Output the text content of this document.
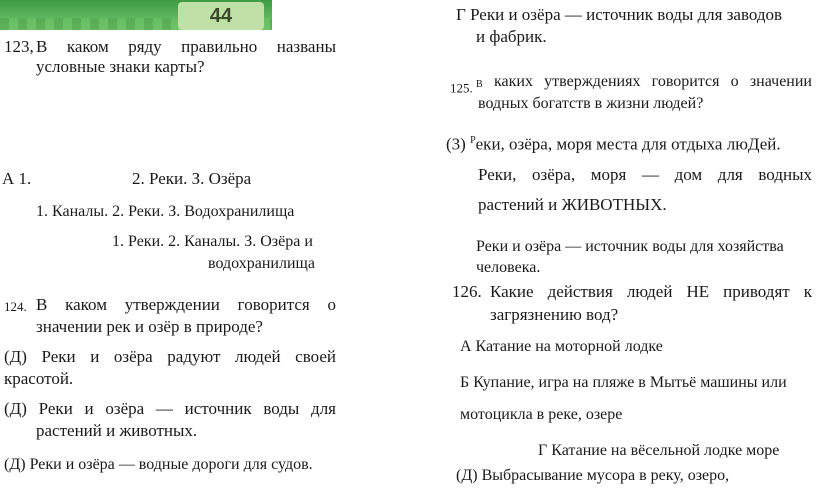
44
123, В каком ряду правильно названы
условные знаки карты?
А 1.	2. Реки. З. Озёра
1. Каналы. 2. Реки. З. Водохранилища
1. Реки. 2. Каналы. З. Озёра и
водохранилища
124. В каком утверждении говорится о
значении рек и озёр в природе?
(Д) Реки и озёра радуют людей своей
красотой.
(Д) Реки и озёра — источник воды для
растений и животных.
(Д) Реки и озёра — водные дороги для судов.
Г Реки и озёра — источник воды для заводов
и фабрик.
125. $^В$ каких утверждениях говорится о значении
водных богатств в жизни людей?
(3) $^Р$еки, озёра, моря места для отдыха люДей.
Реки, озёра, моря — дом для водных
растений и ЖИВОТНЫХ.
Реки и озёра — источник воды для хозяйства
человека.
126. Какие действия людей НЕ приводят к
загрязнению вод?
А Катание на моторной лодке
Б Купание, игра на пляже в Мытьё машины или
мотоцикла в реке, озере
Г Катание на вёсельной лодке море
(Д) Выбрасывание мусора в реку, озеро,
